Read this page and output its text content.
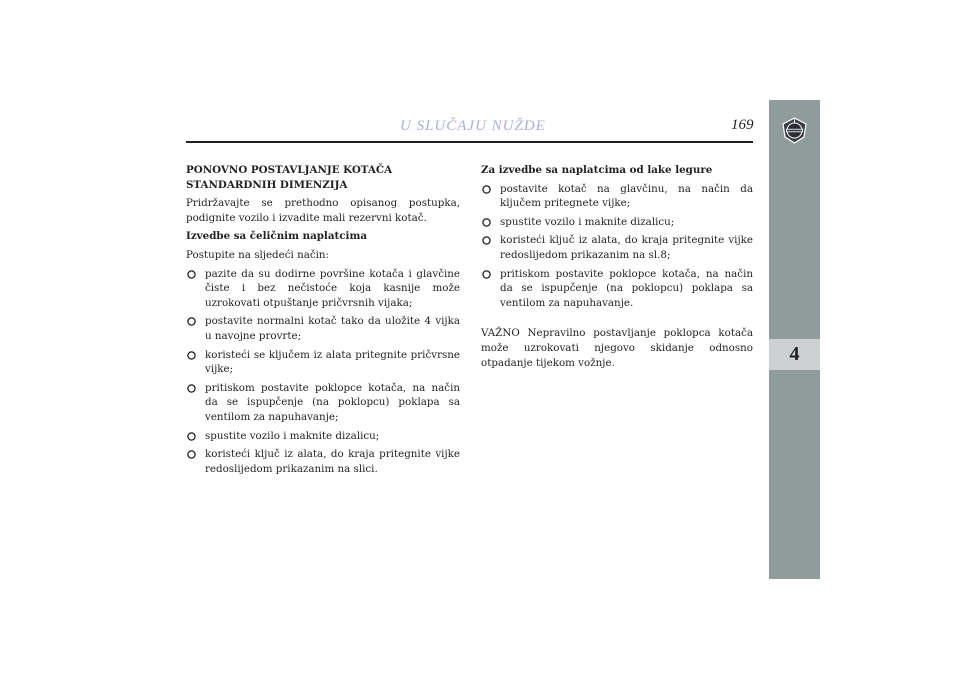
U SLUČAJU NUŽDE	169
4
PONOVNO POSTAVLJANJE KOTAČA STANDARDNIH DIMENZIJA
Pridržavajte se prethodno opisanog postupka, podignite vozilo i izvadite mali rezervni kotač.
Izvedbe sa čeličnim naplatcima
Postupite na sljedeći način:
pazite da su dodirne površine kotača i glavčine čiste i bez nečistoće koja kasnije može uzrokovati otpuštanje pričvrsnih vijaka;
postavite normalni kotač tako da uložite 4 vijka u navojne provrte;
koristeći se ključem iz alata pritegnite pričvrsne vijke;
pritiskom postavite poklopce kotača, na način da se ispupčenje (na poklopcu) poklapa sa ventilom za napuhavanje;
spustite vozilo i maknite dizalicu;
koristeći ključ iz alata, do kraja pritegnite vijke redoslijedom prikazanim na slici.
Za izvedbe sa naplatcima od lake legure
postavite kotač na glavčinu, na način da ključem pritegnete vijke;
spustite vozilo i maknite dizalicu;
koristeći ključ iz alata, do kraja pritegnite vijke redoslijedom prikazanim na sl.8;
pritiskom postavite poklopce kotača, na način da se ispupčenje (na poklopcu) poklapa sa ventilom za napuhavanje.
VAŽNO Nepravilno postavljanje poklopca kotača može uzrokovati njegovo skidanje odnosno otpadanje tijekom vožnje.
